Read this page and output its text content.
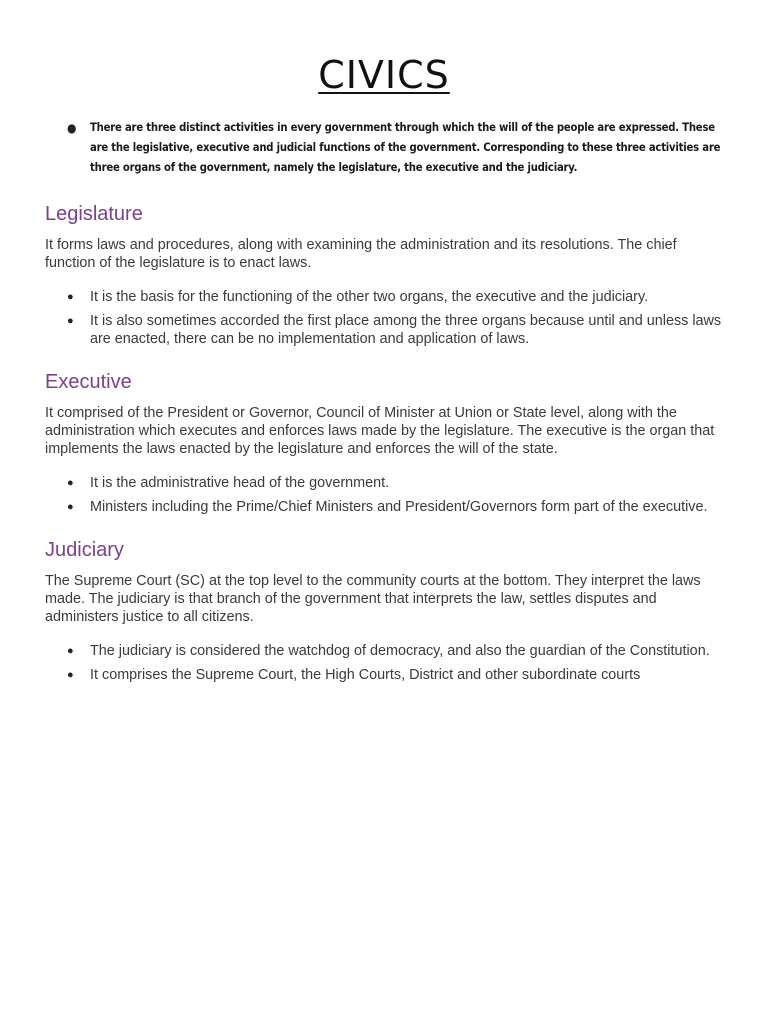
CIVICS
● There are three distinct activities in every government through which the will of the people are expressed. These are the legislative, executive and judicial functions of the government. Corresponding to these three activities are three organs of the government, namely the legislature, the executive and the judiciary.
Legislature

It forms laws and procedures, along with examining the administration and its resolutions. The chief function of the legislature is to enact laws.

● It is the basis for the functioning of the other two organs, the executive and the judiciary.
● It is also sometimes accorded the first place among the three organs because until and unless laws are enacted, there can be no implementation and application of laws.
Executive

It comprised of the President or Governor, Council of Minister at Union or State level, along with the administration which executes and enforces laws made by the legislature. The executive is the organ that implements the laws enacted by the legislature and enforces the will of the state.

● It is the administrative head of the government.
● Ministers including the Prime/Chief Ministers and President/Governors form part of the executive.
Judiciary

The Supreme Court (SC) at the top level to the community courts at the bottom. They interpret the laws made. The judiciary is that branch of the government that interprets the law, settles disputes and administers justice to all citizens.

● The judiciary is considered the watchdog of democracy, and also the guardian of the Constitution.
● It comprises the Supreme Court, the High Courts, District and other subordinate courts
